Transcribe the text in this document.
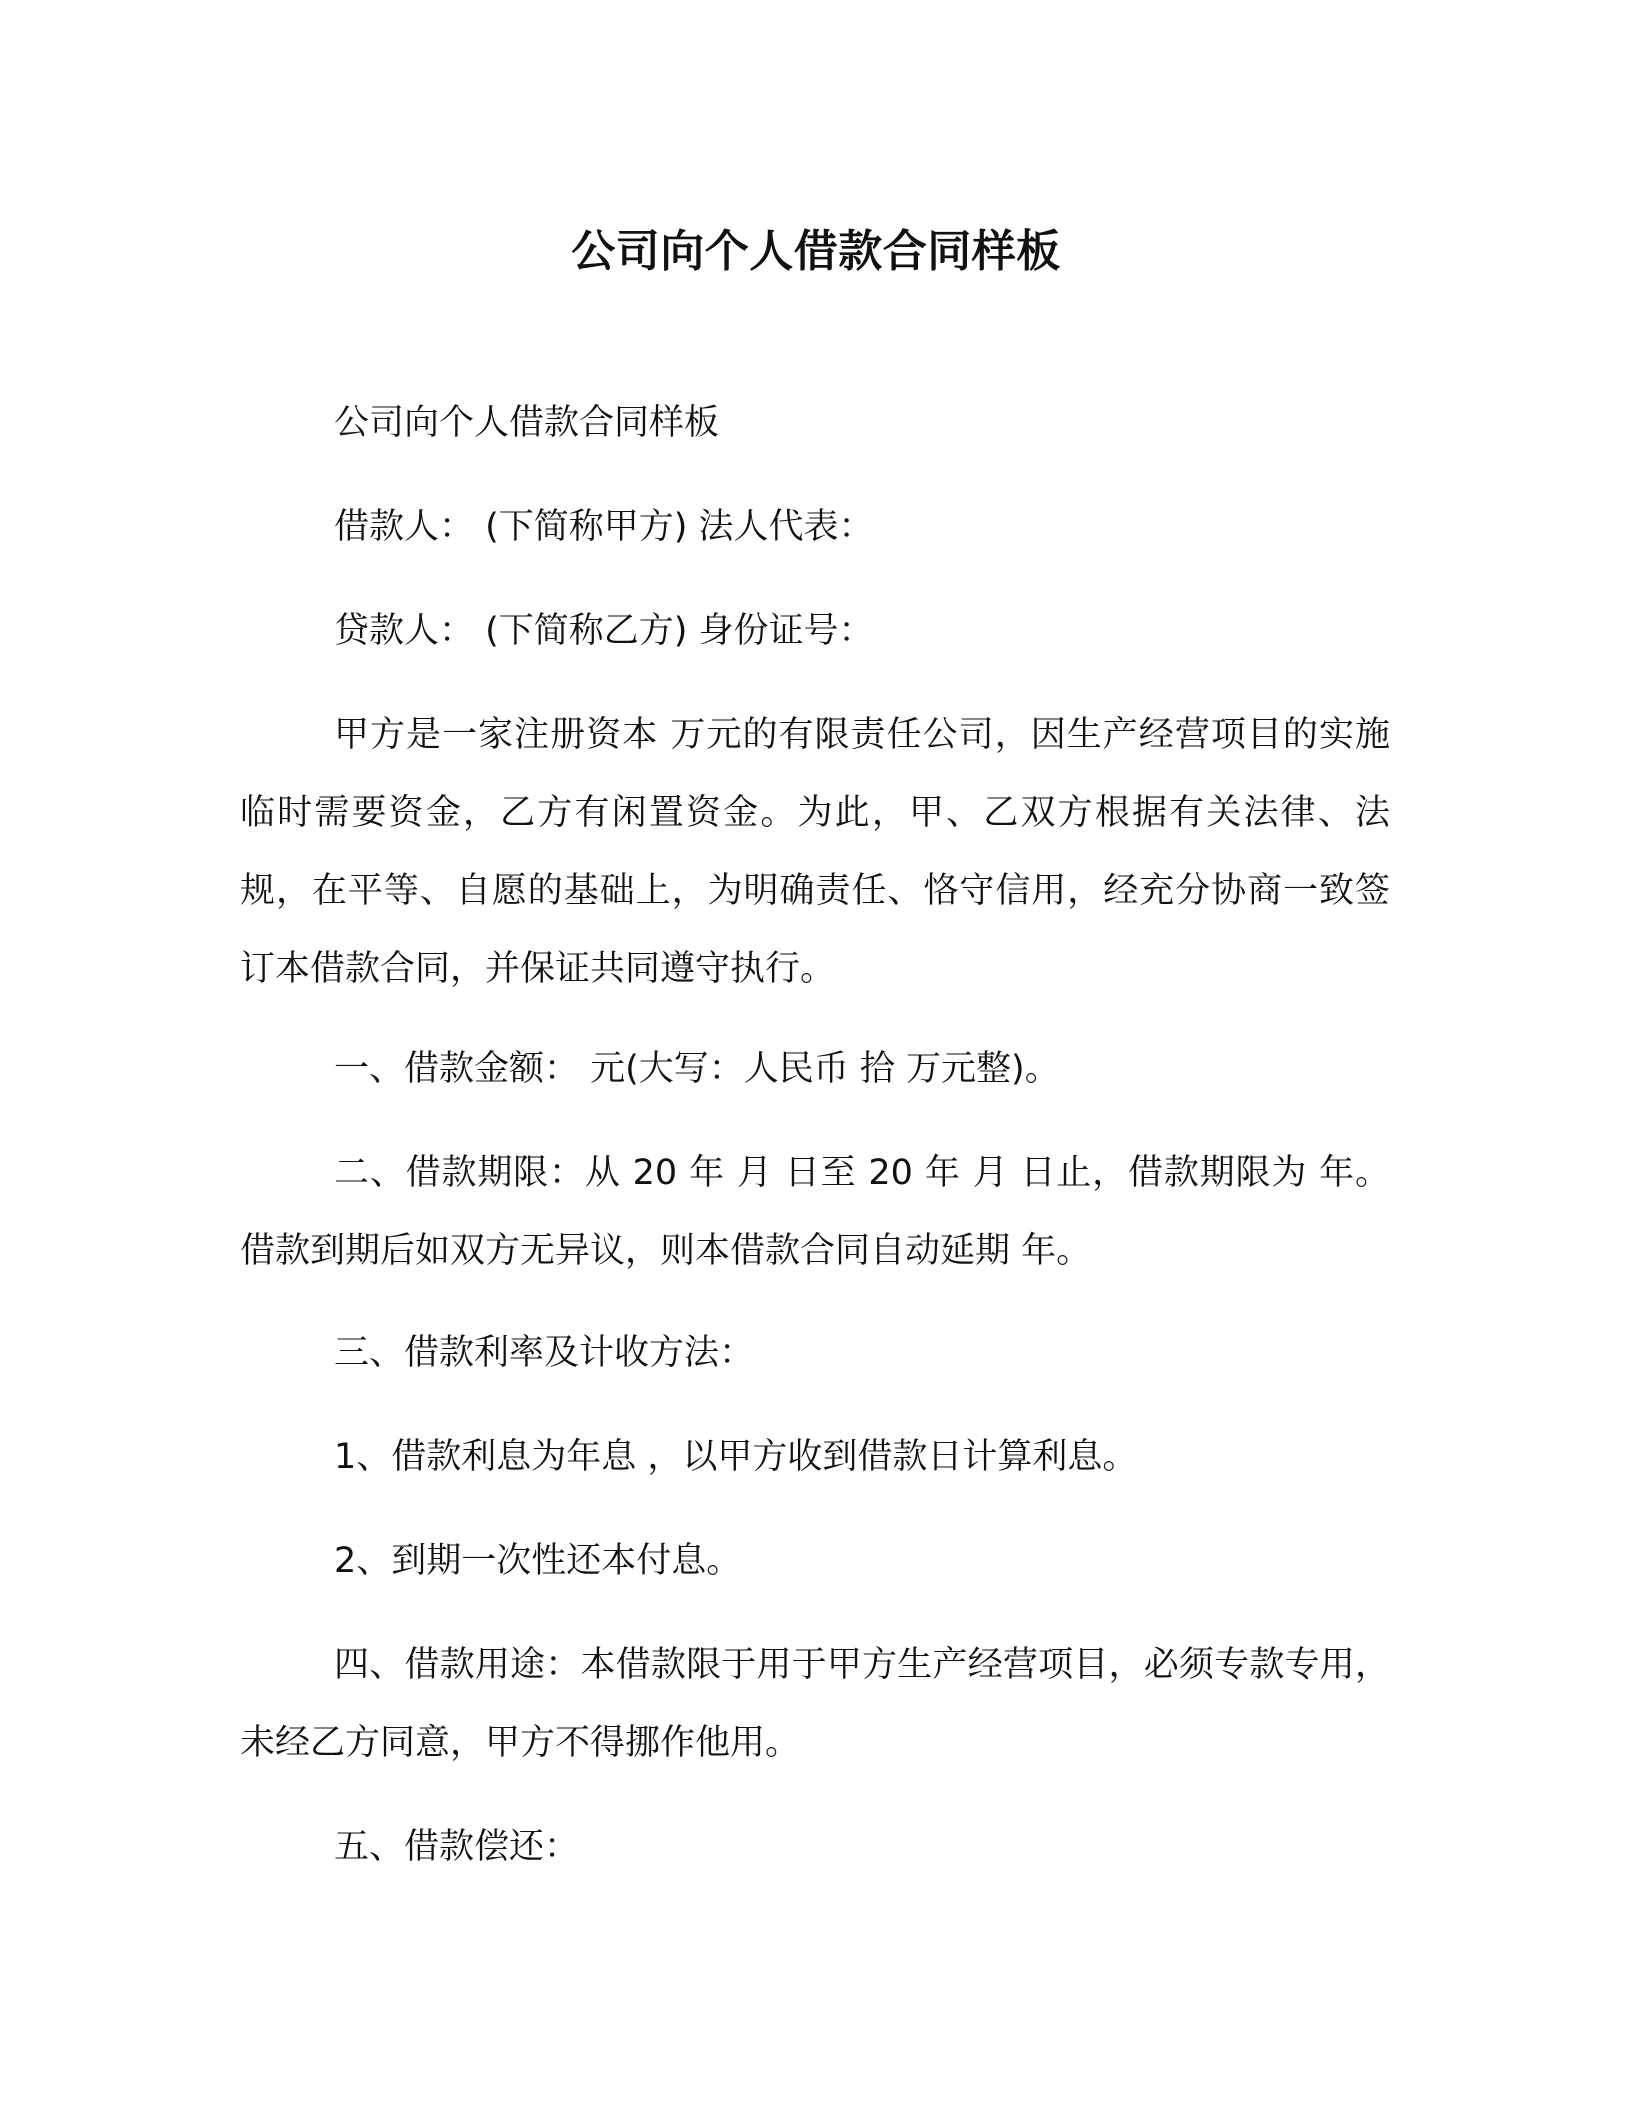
公司向个人借款合同样板

公司向个人借款合同样板

借款人： (下简称甲方) 法人代表：

贷款人： (下简称乙方) 身份证号：

甲方是一家注册资本 万元的有限责任公司，因生产经营项目的实施临时需要资金，乙方有闲置资金。为此，甲、乙双方根据有关法律、法规，在平等、自愿的基础上，为明确责任、恪守信用，经充分协商一致签订本借款合同，并保证共同遵守执行。

一、借款金额： 元(大写：人民币 拾 万元整)。

二、借款期限：从 20 年 月 日至 20 年 月 日止，借款期限为 年。借款到期后如双方无异议，则本借款合同自动延期 年。

三、借款利率及计收方法：

1、借款利息为年息 ，以甲方收到借款日计算利息。

2、到期一次性还本付息。

四、借款用途：本借款限于用于甲方生产经营项目，必须专款专用，未经乙方同意，甲方不得挪作他用。

五、借款偿还：
